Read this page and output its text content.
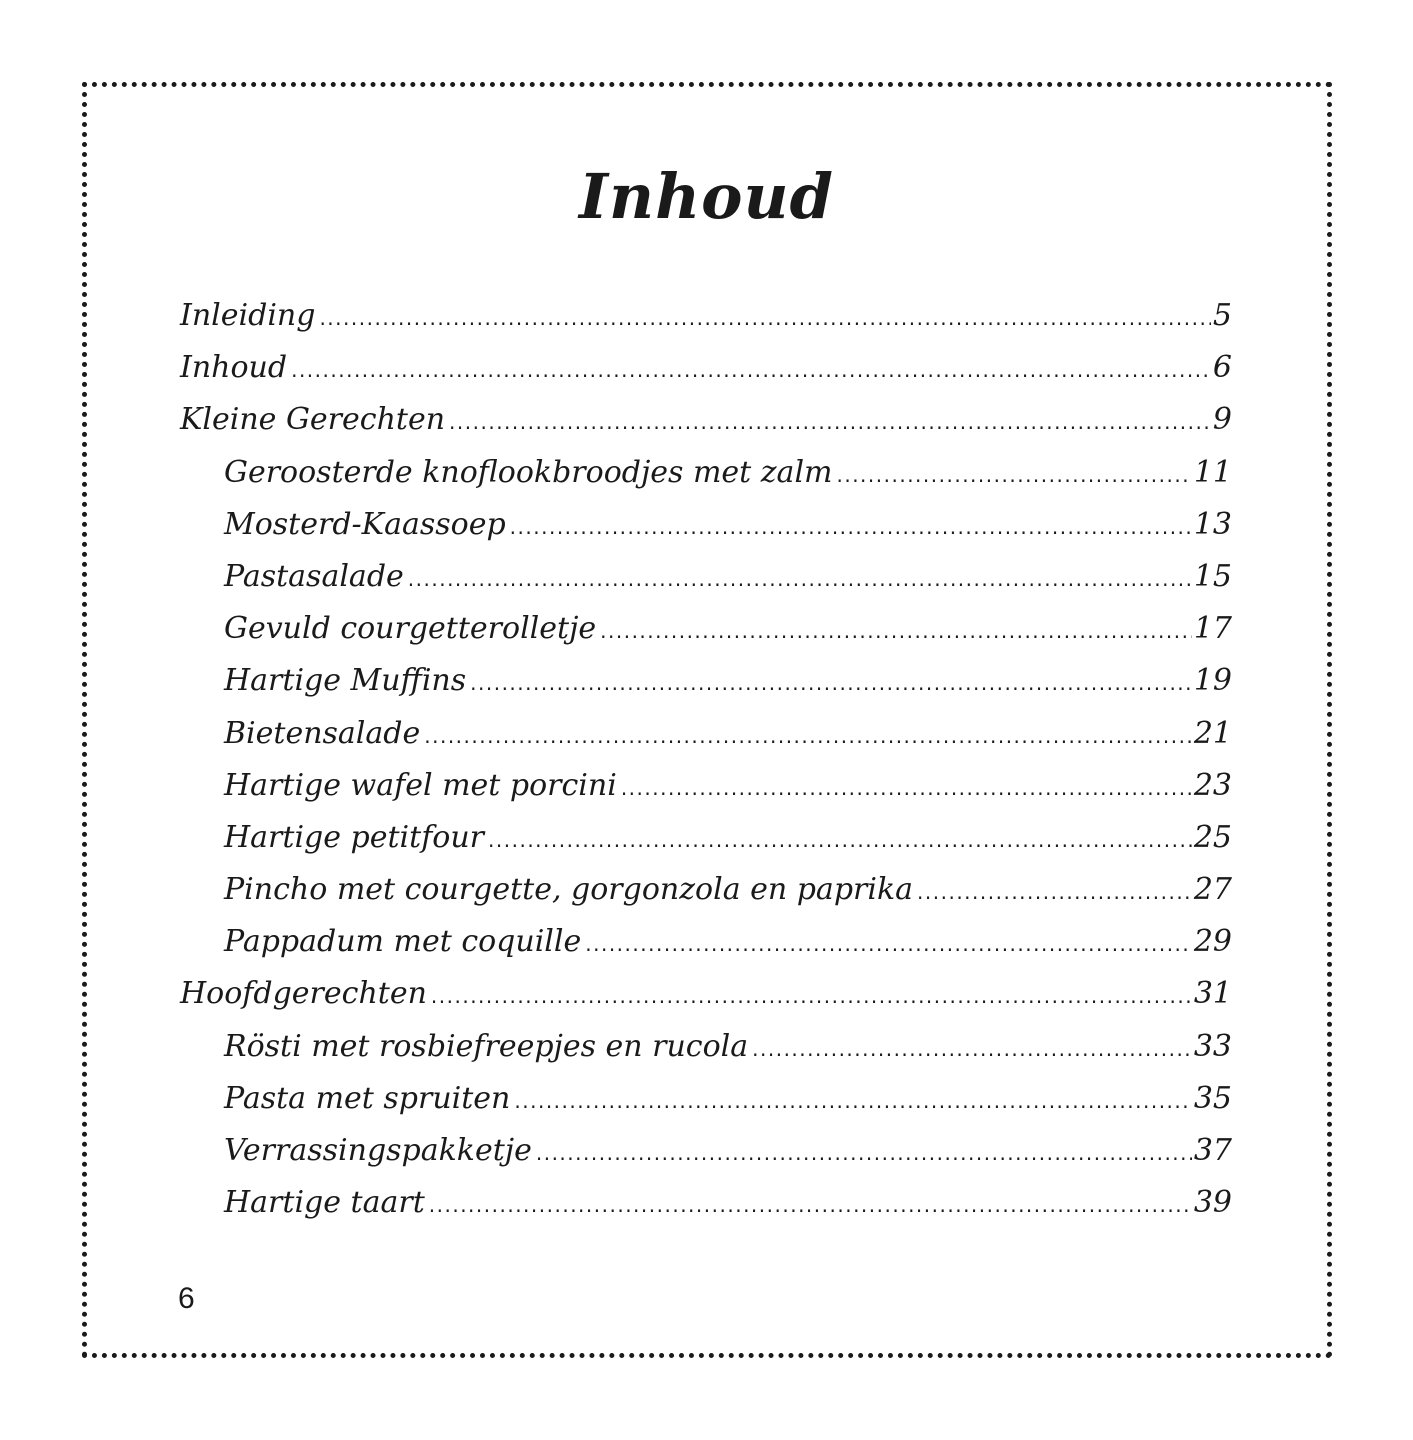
Inhoud
Inleiding .....	5
Inhoud .....	6
Kleine Gerechten .....	9
Geroosterde knoflookbroodjes met zalm .....	11
Mosterd-Kaassoep .....	13
Pastasalade .....	15
Gevuld courgetterolletje .....	17
Hartige Muffins .....	19
Bietensalade .....	21
Hartige wafel met porcini .....	23
Hartige petitfour .....	25
Pincho met courgette, gorgonzola en paprika .....	27
Pappadum met coquille .....	29
Hoofdgerechten .....	31
Rösti met rosbiefreepjes en rucola .....	33
Pasta met spruiten .....	35
Verrassingspakketje .....	37
Hartige taart .....	39

6
